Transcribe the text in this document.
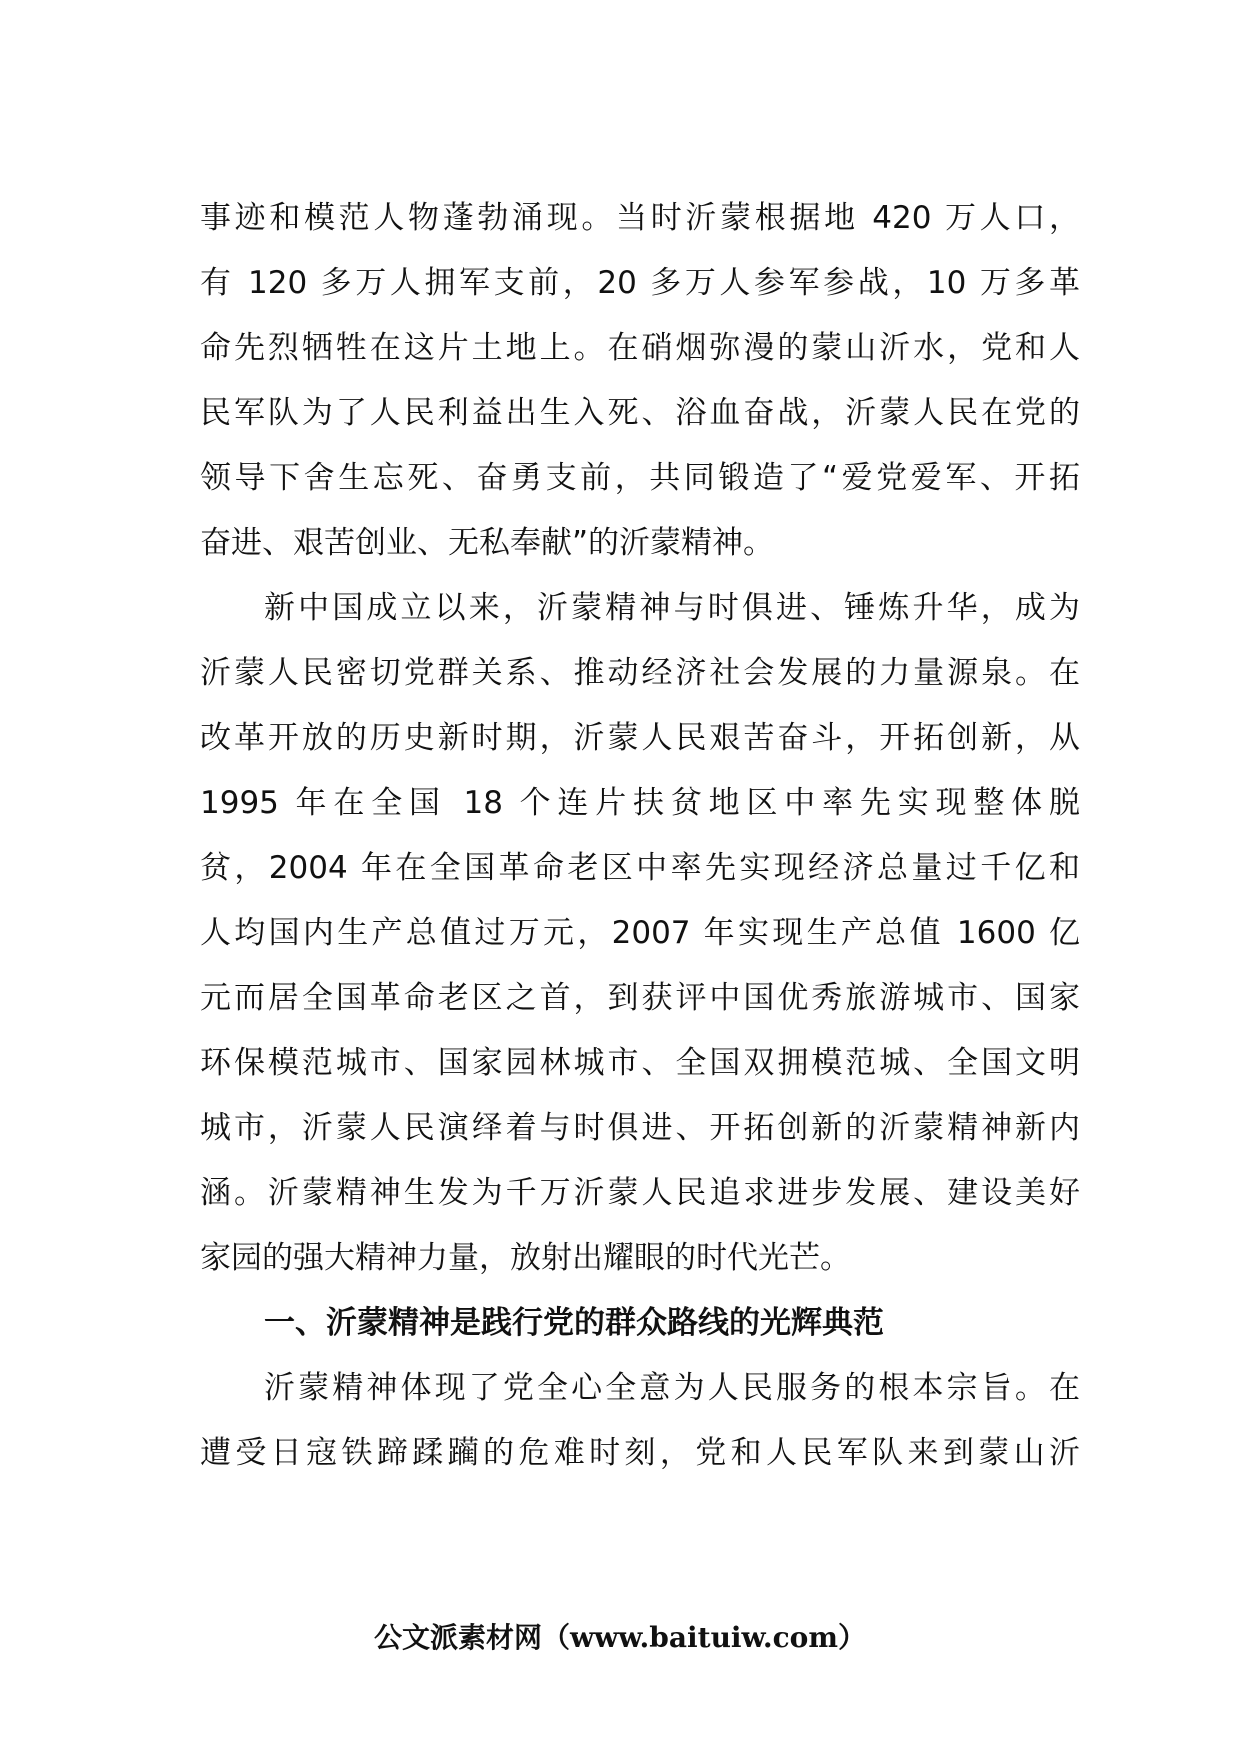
事迹和模范人物蓬勃涌现。当时沂蒙根据地 420 万人口，
有 120 多万人拥军支前，20 多万人参军参战，10 万多革
命先烈牺牲在这片土地上。在硝烟弥漫的蒙山沂水，党和人
民军队为了人民利益出生入死、浴血奋战，沂蒙人民在党的
领导下舍生忘死、奋勇支前，共同锻造了“爱党爱军、开拓
奋进、艰苦创业、无私奉献”的沂蒙精神。
新中国成立以来，沂蒙精神与时俱进、锤炼升华，成为
沂蒙人民密切党群关系、推动经济社会发展的力量源泉。在
改革开放的历史新时期，沂蒙人民艰苦奋斗，开拓创新，从
1995 年在全国 18 个连片扶贫地区中率先实现整体脱
贫，2004 年在全国革命老区中率先实现经济总量过千亿和
人均国内生产总值过万元，2007 年实现生产总值 1600 亿
元而居全国革命老区之首，到获评中国优秀旅游城市、国家
环保模范城市、国家园林城市、全国双拥模范城、全国文明
城市，沂蒙人民演绎着与时俱进、开拓创新的沂蒙精神新内
涵。沂蒙精神生发为千万沂蒙人民追求进步发展、建设美好
家园的强大精神力量，放射出耀眼的时代光芒。
一、沂蒙精神是践行党的群众路线的光辉典范
沂蒙精神体现了党全心全意为人民服务的根本宗旨。在
遭受日寇铁蹄蹂躏的危难时刻，党和人民军队来到蒙山沂
公文派素材网（www.baituiw.com）
